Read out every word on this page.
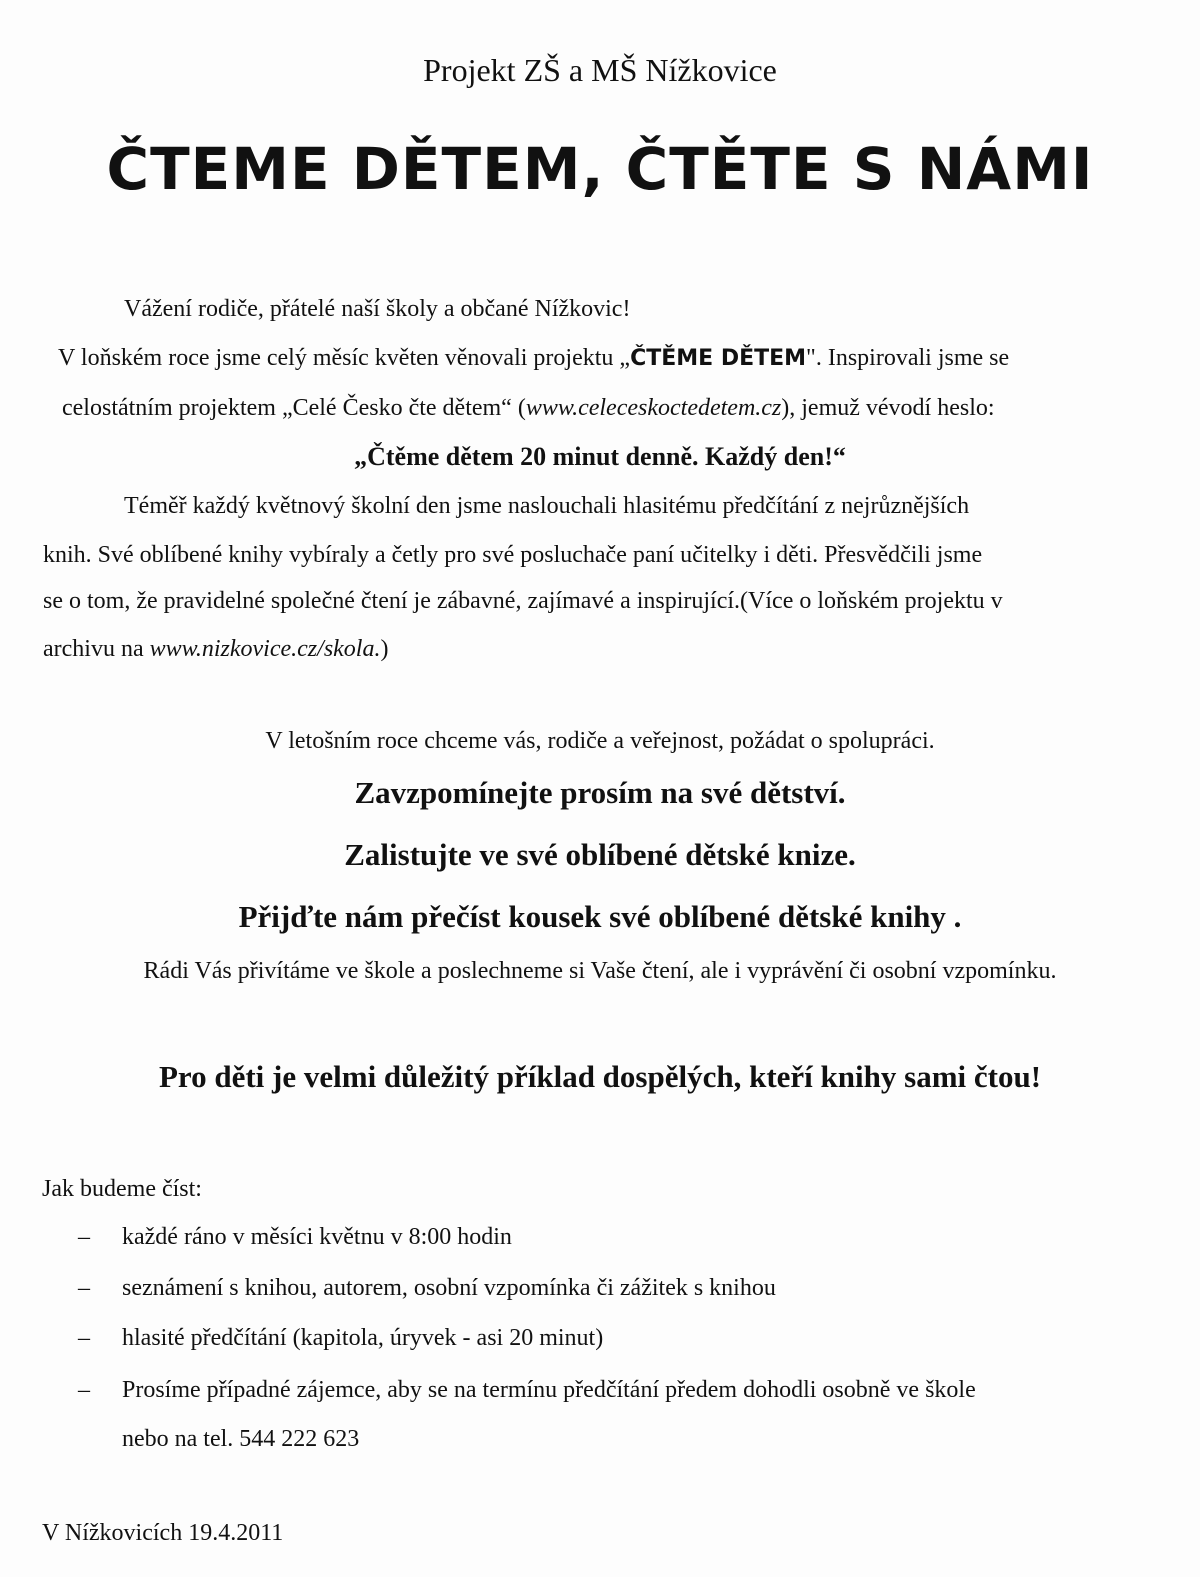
Projekt ZŠ a MŠ Nížkovice
ČTEME DĚTEM, ČTĚTE S NÁMI
Vážení rodiče, přátelé naší školy a občané Nížkovic!
V loňském roce jsme celý měsíc květen věnovali projektu „ČTĚME DĚTEM". Inspirovali jsme se
celostátním projektem „Celé Česko čte dětem“ (www.celeceskoctedetem.cz), jemuž vévodí heslo:
„Čtěme dětem 20 minut denně. Každý den!“
Téměř každý květnový školní den jsme naslouchali hlasitému předčítání z nejrůznějších
knih. Své oblíbené knihy vybíraly a četly pro své posluchače paní učitelky i děti. Přesvědčili jsme
se o tom, že pravidelné společné čtení je zábavné, zajímavé a inspirující.(Více o loňském projektu v
archivu na www.nizkovice.cz/skola.)
V letošním roce chceme vás, rodiče a veřejnost, požádat o spolupráci.
Zavzpomínejte prosím na své dětství.
Zalistujte ve své oblíbené dětské knize.
Přijďte nám přečíst kousek své oblíbené dětské knihy .
Rádi Vás přivítáme ve škole a poslechneme si Vaše čtení, ale i vyprávění či osobní vzpomínku.
Pro děti je velmi důležitý příklad dospělých, kteří knihy sami čtou!
Jak budeme číst:
– každé ráno v měsíci květnu v 8:00 hodin
– seznámení s knihou, autorem, osobní vzpomínka či zážitek s knihou
– hlasité předčítání (kapitola, úryvek - asi 20 minut)
– Prosíme případné zájemce, aby se na termínu předčítání předem dohodli osobně ve škole
nebo na tel. 544 222 623
V Nížkovicích 19.4.2011
